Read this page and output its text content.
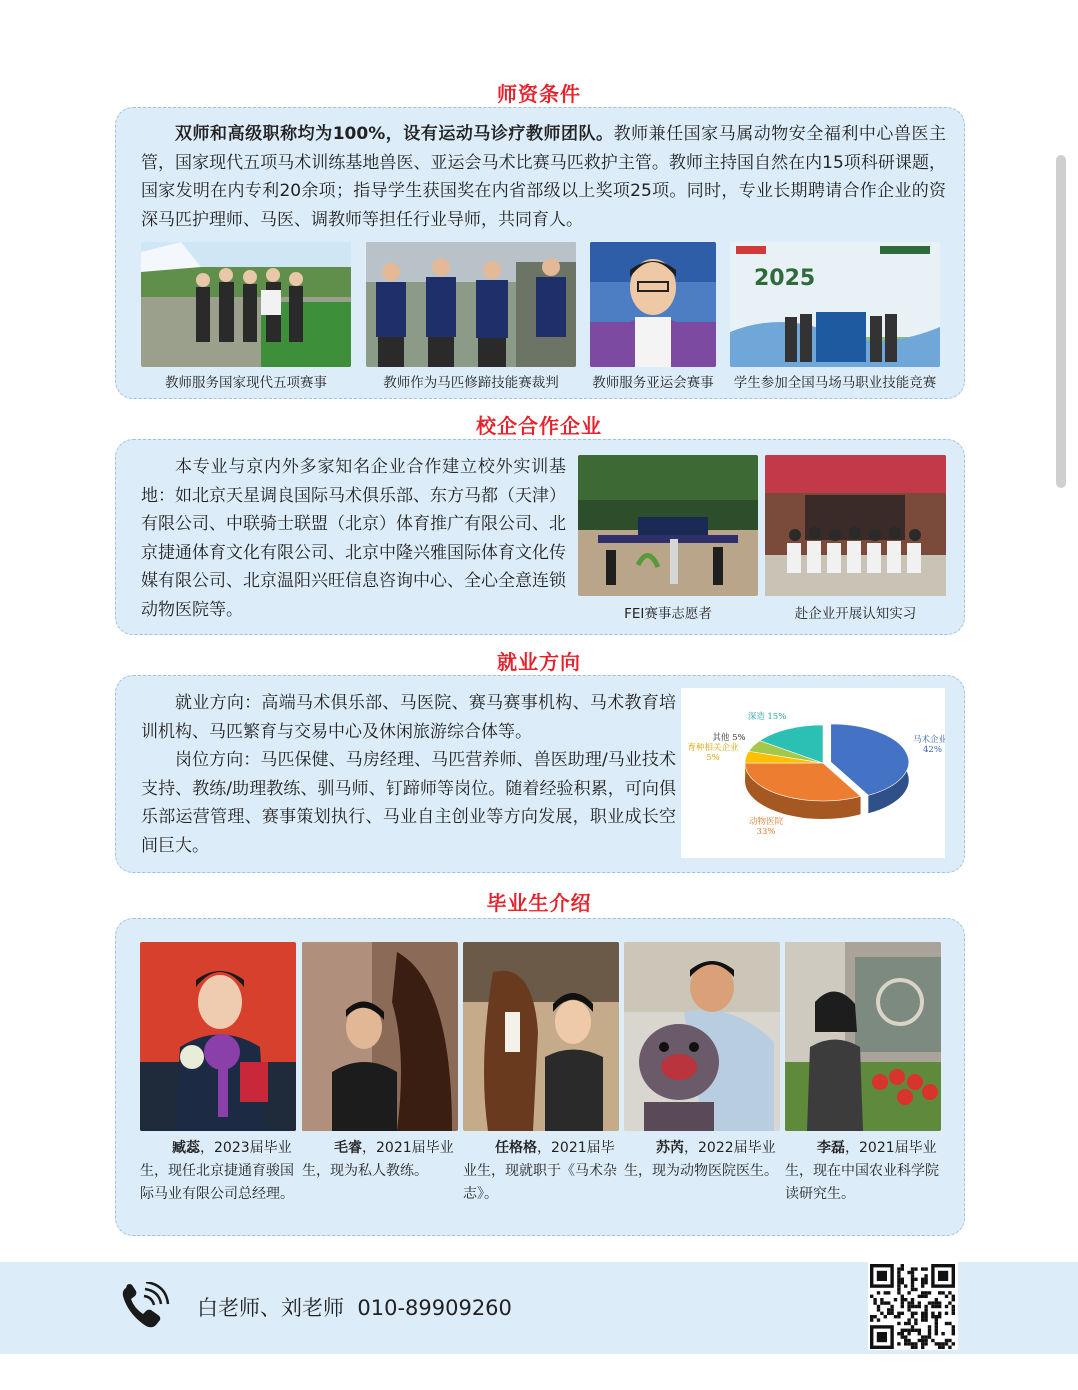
师资条件

双师和高级职称均为100%，设有运动马诊疗教师团队。教师兼任国家马属动物安全福利中心兽医主管，国家现代五项马术训练基地兽医、亚运会马术比赛马匹救护主管。教师主持国自然在内15项科研课题，国家发明在内专利20余项；指导学生获国奖在内省部级以上奖项25项。同时，专业长期聘请合作企业的资深马匹护理师、马医、调教师等担任行业导师，共同育人。

教师服务国家现代五项赛事	教师作为马匹修蹄技能赛裁判	教师服务亚运会赛事
2025
学生参加全国马场马职业技能竞赛
校企合作企业

本专业与京内外多家知名企业合作建立校外实训基地：如北京天星调良国际马术俱乐部、东方马都（天津）有限公司、中联骑士联盟（北京）体育推广有限公司、北京捷通体育文化有限公司、北京中隆兴雅国际体育文化传媒有限公司、北京温阳兴旺信息咨询中心、全心全意连锁动物医院等。	FEI赛事志愿者	赴企业开展认知实习
就业方向

就业方向：高端马术俱乐部、马医院、赛马赛事机构、马术教育培训机构、马匹繁育与交易中心及休闲旅游综合体等。

岗位方向：马匹保健、马房经理、马匹营养师、兽医助理/马业技术支持、教练/助理教练、驯马师、钉蹄师等岗位。随着经验积累，可向俱乐部运营管理、赛事策划执行、马业自主创业等方向发展，职业成长空间巨大。

马术企业 42%
动物医院 33%
育种相关企业 5%
其他 5%
深造 15%
毕业生介绍
臧蕊，2023届毕业生，现任北京捷通育骏国际马业有限公司总经理。
毛睿，2021届毕业生，现为私人教练。
任格格，2021届毕业生，现就职于《马术杂志》。
苏芮，2022届毕业生，现为动物医院医生。
李磊，2021届毕业生，现在中国农业科学院读研究生。
白老师、刘老师 010-89909260
